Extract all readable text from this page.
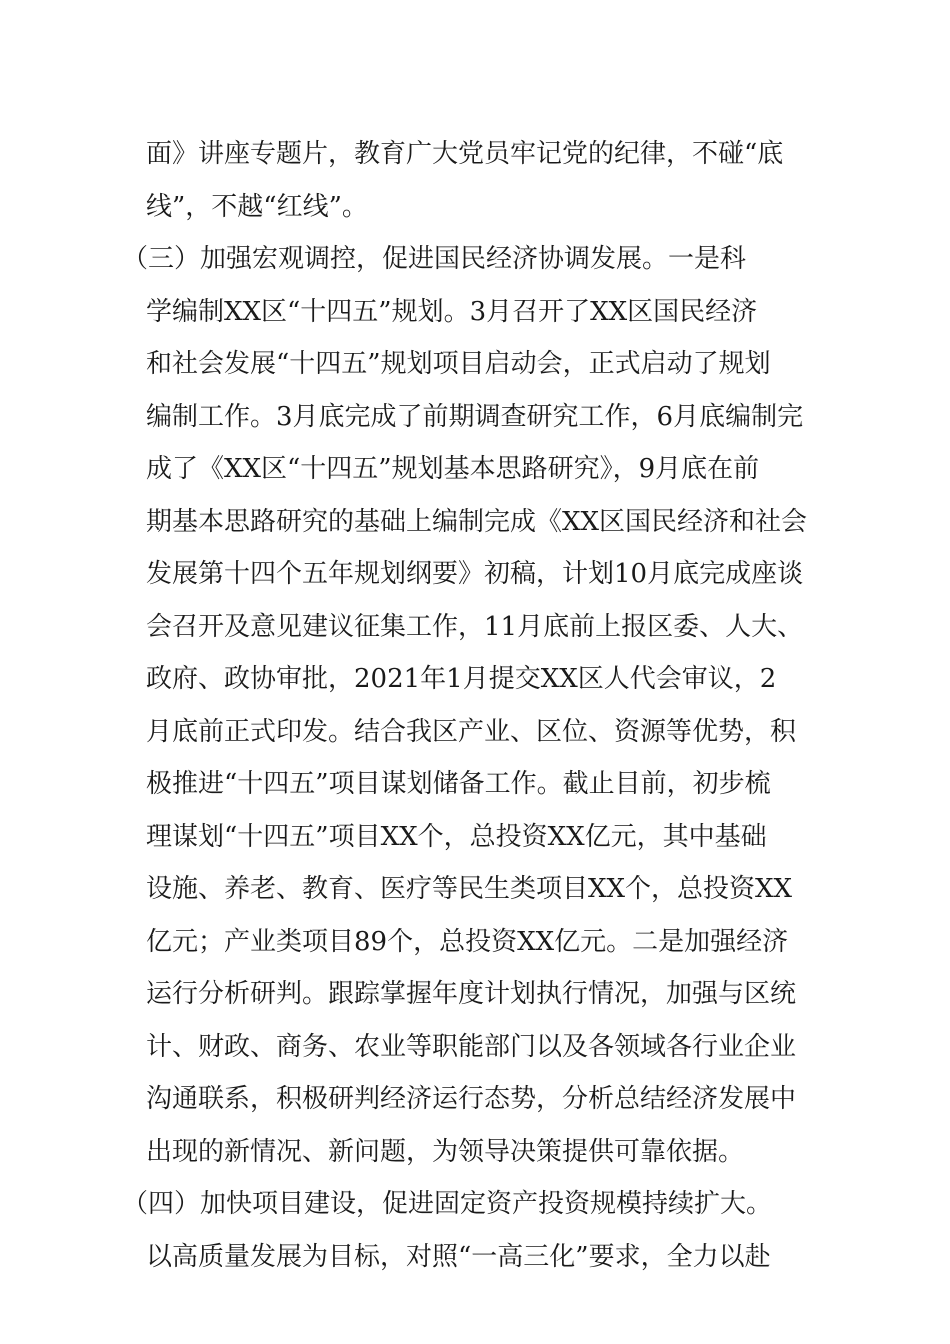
面》讲座专题片，教育广大党员牢记党的纪律，不碰“底
线”，不越“红线”。
（三）加强宏观调控，促进国民经济协调发展。一是科
学编制XX区“十四五”规划。3月召开了XX区国民经济
和社会发展“十四五”规划项目启动会，正式启动了规划
编制工作。3月底完成了前期调查研究工作，6月底编制完
成了《XX区“十四五”规划基本思路研究》，9月底在前
期基本思路研究的基础上编制完成《XX区国民经济和社会
发展第十四个五年规划纲要》初稿，计划10月底完成座谈
会召开及意见建议征集工作，11月底前上报区委、人大、
政府、政协审批，2021年1月提交XX区人代会审议，2
月底前正式印发。结合我区产业、区位、资源等优势，积
极推进“十四五”项目谋划储备工作。截止目前，初步梳
理谋划“十四五”项目XX个，总投资XX亿元，其中基础
设施、养老、教育、医疗等民生类项目XX个，总投资XX
亿元；产业类项目89个，总投资XX亿元。二是加强经济
运行分析研判。跟踪掌握年度计划执行情况，加强与区统
计、财政、商务、农业等职能部门以及各领域各行业企业
沟通联系，积极研判经济运行态势，分析总结经济发展中
出现的新情况、新问题，为领导决策提供可靠依据。
（四）加快项目建设，促进固定资产投资规模持续扩大。
以高质量发展为目标，对照“一高三化”要求，全力以赴
